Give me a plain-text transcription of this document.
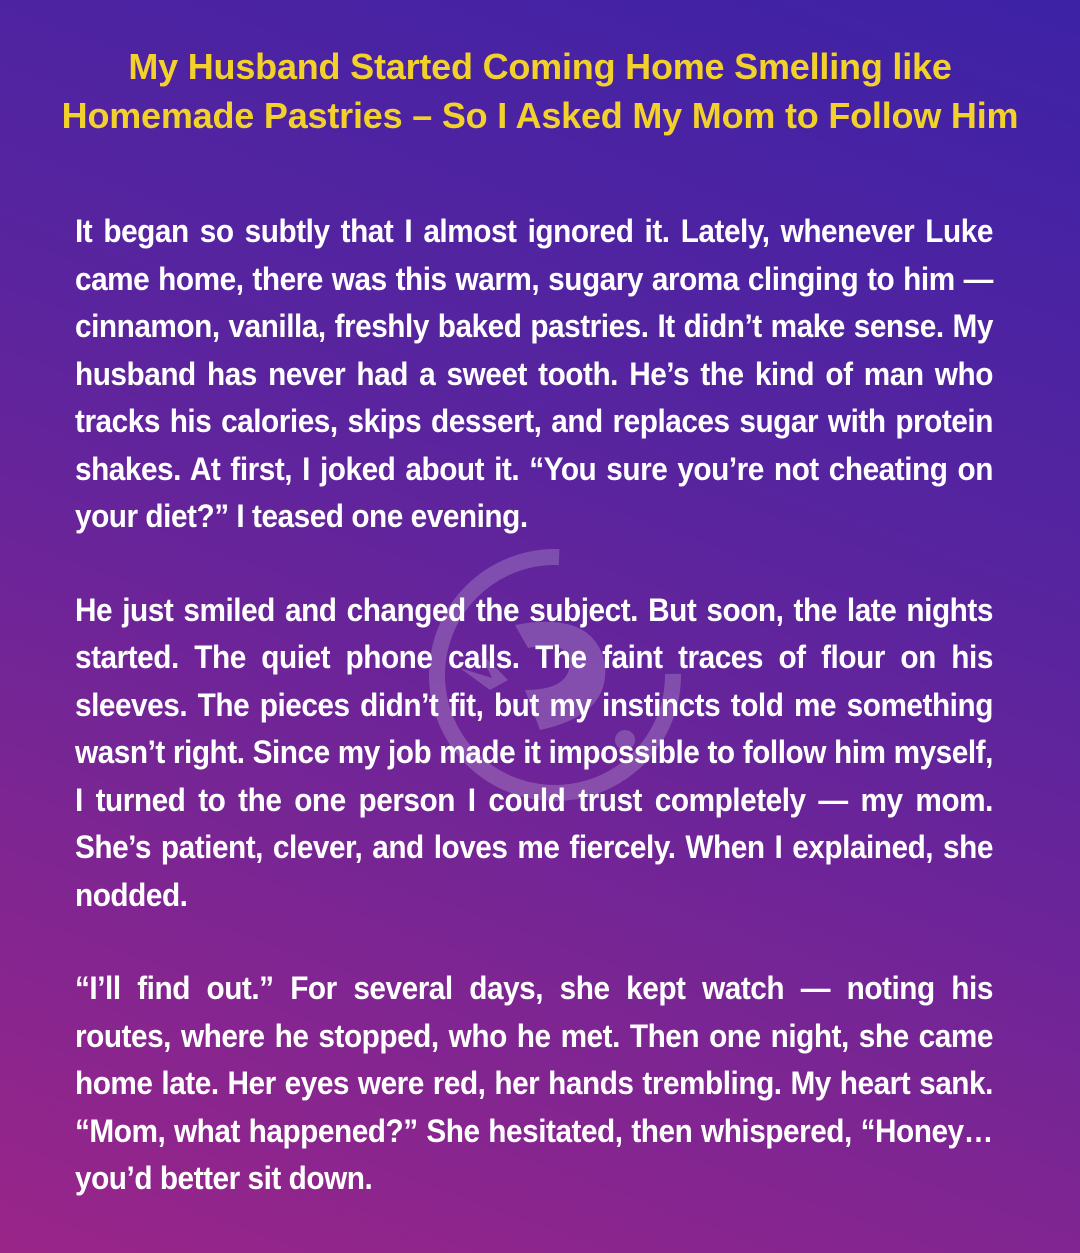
My Husband Started Coming Home Smelling like Homemade Pastries – So I Asked My Mom to Follow Him

It began so subtly that I almost ignored it. Lately, whenever Luke came home, there was this warm, sugary aroma clinging to him — cinnamon, vanilla, freshly baked pastries. It didn’t make sense. My husband has never had a sweet tooth. He’s the kind of man who tracks his calories, skips dessert, and replaces sugar with protein shakes. At first, I joked about it. “You sure you’re not cheating on your diet?” I teased one evening.

He just smiled and changed the subject. But soon, the late nights started. The quiet phone calls. The faint traces of flour on his sleeves. The pieces didn’t fit, but my instincts told me something wasn’t right. Since my job made it impossible to follow him myself, I turned to the one person I could trust completely — my mom. She’s patient, clever, and loves me fiercely. When I explained, she nodded.

“I’ll find out.” For several days, she kept watch — noting his routes, where he stopped, who he met. Then one night, she came home late. Her eyes were red, her hands trembling. My heart sank. “Mom, what happened?” She hesitated, then whispered, “Honey… you’d better sit down.
